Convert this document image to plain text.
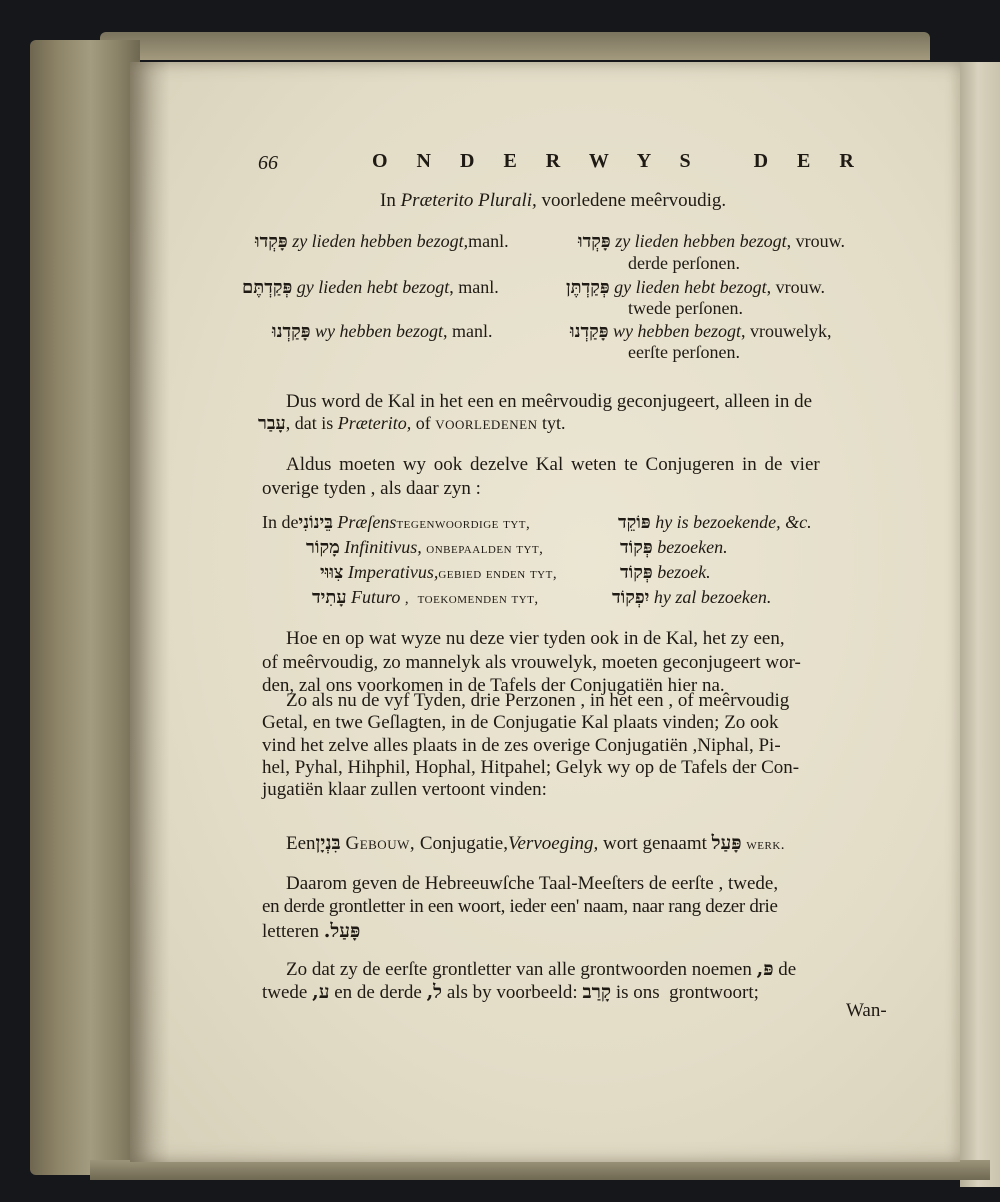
66	O N D E R W Y S   D E R
In Præterito Plurali, voorledene meêrvoudig.
פָּקְדוּ zy lieden hebben bezogt,manl.	פָּקְדוּ zy lieden hebben bezogt, vrouw.
derde perſonen.
פְּקַדְתֶּם gy lieden hebt bezogt, manl.	פְּקַדְתֶּן gy lieden hebt bezogt, vrouw.
twede perſonen.
פָּקַדְנוּ wy hebben bezogt, manl.	פָּקַדְנוּ wy hebben bezogt, vrouwelyk,
eerſte perſonen.
Dus word de Kal in het een en meêrvoudig geconjugeert, alleen in de
עָבַר, dat is Præterito, of voorledenen tyt.
Aldus moeten wy ook dezelve Kal weten te Conjugeren in de vier
overige tyden , als daar zyn :
In deבֵּינוֹנִי Præſenstegenwoordige tyt,	פּוֹקֵד hy is bezoekende, &c.
מָקוֹר Infinitivus, onbepaalden tyt,	פְּקוֹד bezoeken.
צִוּוּי Imperativus,gebied enden tyt,	פְּקוֹד bezoek.
עָתִיד Futuro ,  toekomenden tyt,	יִפְקוֹד hy zal bezoeken.
Hoe en op wat wyze nu deze vier tyden ook in de Kal, het zy een,
of meêrvoudig, zo mannelyk als vrouwelyk, moeten geconjugeert wor-
den, zal ons voorkomen in de Tafels der Conjugatiën hier na.
Zo als nu de vyf Tyden, drie Perzonen , in het een , of meêrvoudig
Getal, en twe Geſlagten, in de Conjugatie Kal plaats vinden; Zo ook
vind het zelve alles plaats in de zes overige Conjugatiën ,Niphal, Pi-
hel, Pyhal, Hihphil, Hophal, Hitpahel; Gelyk wy op de Tafels der Con-
jugatiën klaar zullen vertoont vinden:
Eenבִּנְיָן Gebouw, Conjugatie,Vervoeging, wort genaamt פָּעַל werk.
Daarom geven de Hebreeuwſche Taal-Meeſters de eerſte , twede,
en derde grontletter in een woort, ieder een' naam, naar rang dezer drie
letteren פָּעַל.
Zo dat zy de eerſte grontletter van alle grontwoorden noemen פּ, de
twede ע, en de derde ל, als by voorbeeld: קָרַב is ons  grontwoort;
Wan-
